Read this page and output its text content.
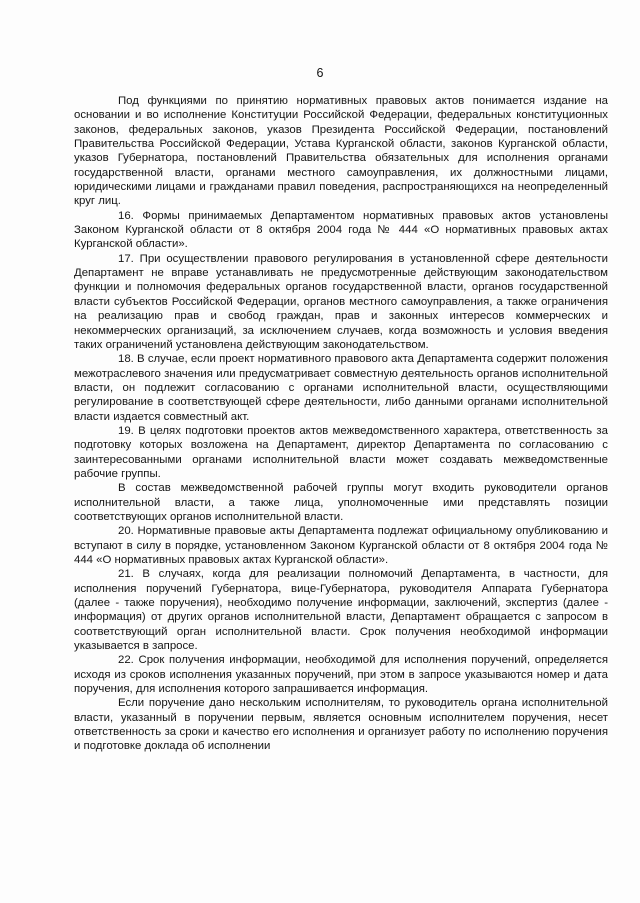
6

Под функциями по принятию нормативных правовых актов понимается издание на основании и во исполнение Конституции Российской Федерации, федеральных конституционных законов, федеральных законов, указов Президента Российской Федерации, постановлений Правительства Российской Федерации, Устава Курганской области, законов Курганской области, указов Губернатора, постановлений Правительства обязательных для исполнения органами государственной власти, органами местного самоуправления, их должностными лицами, юридическими лицами и гражданами правил поведения, распространяющихся на неопределенный круг лиц.

16. Формы принимаемых Департаментом нормативных правовых актов установлены Законом Курганской области от 8 октября 2004 года № 444 «О нормативных правовых актах Курганской области».

17. При осуществлении правового регулирования в установленной сфере деятельности Департамент не вправе устанавливать не предусмотренные действующим законодательством функции и полномочия федеральных органов государственной власти, органов государственной власти субъектов Российской Федерации, органов местного самоуправления, а также ограничения на реализацию прав и свобод граждан, прав и законных интересов коммерческих и некоммерческих организаций, за исключением случаев, когда возможность и условия введения таких ограничений установлена действующим законодательством.

18. В случае, если проект нормативного правового акта Департамента содержит положения межотраслевого значения или предусматривает совместную деятельность органов исполнительной власти, он подлежит согласованию с органами исполнительной власти, осуществляющими регулирование в соответствующей сфере деятельности, либо данными органами исполнительной власти издается совместный акт.

19. В целях подготовки проектов актов межведомственного характера, ответственность за подготовку которых возложена на Департамент, директор Департамента по согласованию с заинтересованными органами исполнительной власти может создавать межведомственные рабочие группы.

В состав межведомственной рабочей группы могут входить руководители органов исполнительной власти, а также лица, уполномоченные ими представлять позиции соответствующих органов исполнительной власти.

20. Нормативные правовые акты Департамента подлежат официальному опубликованию и вступают в силу в порядке, установленном Законом Курганской области от 8 октября 2004 года № 444 «О нормативных правовых актах Курганской области».

21. В случаях, когда для реализации полномочий Департамента, в частности, для исполнения поручений Губернатора, вице-Губернатора, руководителя Аппарата Губернатора (далее - также поручения), необходимо получение информации, заключений, экспертиз (далее - информация) от других органов исполнительной власти, Департамент обращается с запросом в соответствующий орган исполнительной власти. Срок получения необходимой информации указывается в запросе.

22. Срок получения информации, необходимой для исполнения поручений, определяется исходя из сроков исполнения указанных поручений, при этом в запросе указываются номер и дата поручения, для исполнения которого запрашивается информация.

Если поручение дано нескольким исполнителям, то руководитель органа исполнительной власти, указанный в поручении первым, является основным исполнителем поручения, несет ответственность за сроки и качество его исполнения и организует работу по исполнению поручения и подготовке доклада об исполнении
